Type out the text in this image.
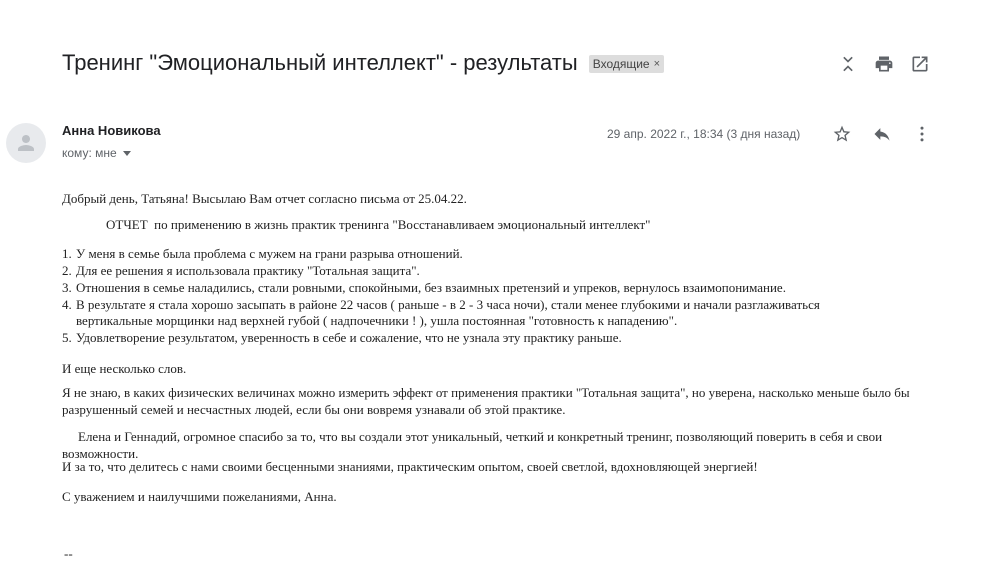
Тренинг "Эмоциональный интеллект" - результаты Входящие ×
Анна Новикова
кому: мне
29 апр. 2022 г., 18:34 (3 дня назад)

Добрый день, Татьяна! Высылаю Вам отчет согласно письма от 25.04.22.

ОТЧЕТ  по применению в жизнь практик тренинга "Восстанавливаем эмоциональный интеллект"

1. У меня в семье была проблема с мужем на грани разрыва отношений.
2. Для ее решения я использовала практику "Тотальная защита".
3. Отношения в семье наладились, стали ровными, спокойными, без взаимных претензий и упреков, вернулось взаимопонимание.
4. В результате я стала хорошо засыпать в районе 22 часов ( раньше - в 2 - 3 часа ночи), стали менее глубокими и начали разглаживаться
вертикальные морщинки над верхней губой ( надпочечники ! ), ушла постоянная "готовность к нападению".
5. Удовлетворение результатом, уверенность в себе и сожаление, что не узнала эту практику раньше.

И еще несколько слов.

Я не знаю, в каких физических величинах можно измерить эффект от применения практики "Тотальная защита", но уверена, насколько меньше было бы разрушенный семей и несчастных людей, если бы они вовремя узнавали об этой практике.

Елена и Геннадий, огромное спасибо за то, что вы создали этот уникальный, четкий и конкретный тренинг, позволяющий поверить в себя и свои возможности.

И за то, что делитесь с нами своими бесценными знаниями, практическим опытом, своей светлой, вдохновляющей энергией!

С уважением и наилучшими пожеланиями, Анна.

--
